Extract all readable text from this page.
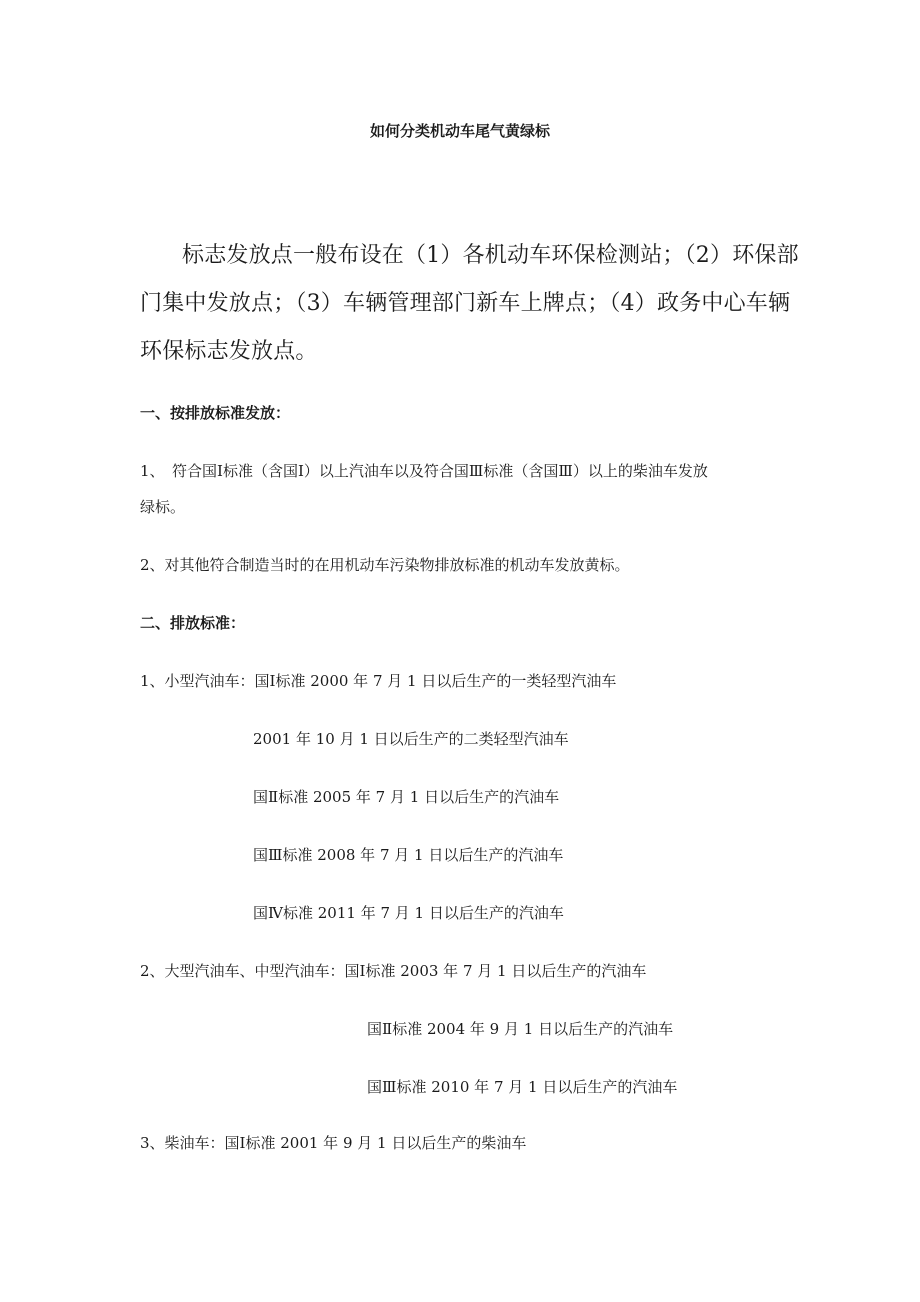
如何分类机动车尾气黄绿标

标志发放点一般布设在（1）各机动车环保检测站；（2）环保部

门集中发放点；（3）车辆管理部门新车上牌点；（4）政务中心车辆

环保标志发放点。

一、按排放标准发放：

1、　符合国Ⅰ标准（含国Ⅰ）以上汽油车以及符合国Ⅲ标准（含国Ⅲ）以上的柴油车发放

绿标。

2、对其他符合制造当时的在用机动车污染物排放标准的机动车发放黄标。

二、排放标准：

1、小型汽油车：国Ⅰ标准 2000 年 7 月 1 日以后生产的一类轻型汽油车

2001 年 10 月 1 日以后生产的二类轻型汽油车

国Ⅱ标准 2005 年 7 月 1 日以后生产的汽油车

国Ⅲ标准 2008 年 7 月 1 日以后生产的汽油车

国Ⅳ标准 2011 年 7 月 1 日以后生产的汽油车

2、大型汽油车、中型汽油车：国Ⅰ标准 2003 年 7 月 1 日以后生产的汽油车

国Ⅱ标准 2004 年 9 月 1 日以后生产的汽油车

国Ⅲ标准 2010 年 7 月 1 日以后生产的汽油车

3、柴油车：国Ⅰ标准 2001 年 9 月 1 日以后生产的柴油车
